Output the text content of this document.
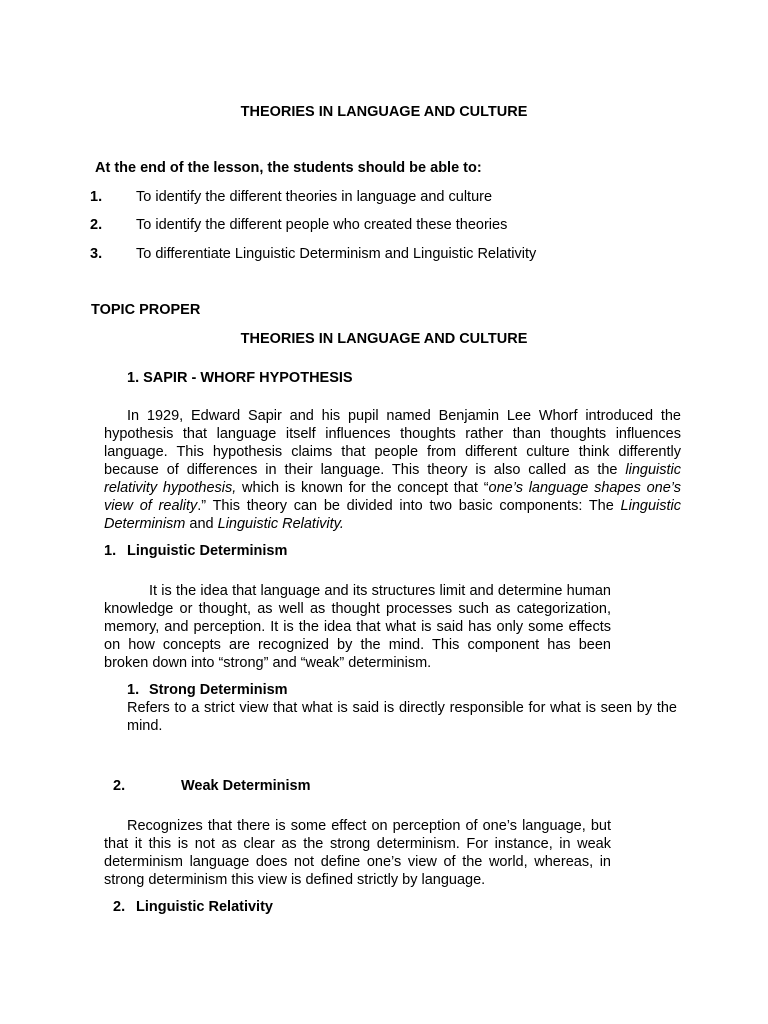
THEORIES IN LANGUAGE AND CULTURE
At the end of the lesson, the students should be able to:
1. To identify the different theories in language and culture
2. To identify the different people who created these theories
3. To differentiate Linguistic Determinism and Linguistic Relativity
TOPIC PROPER
THEORIES IN LANGUAGE AND CULTURE
1. SAPIR - WHORF HYPOTHESIS
In 1929, Edward Sapir and his pupil named Benjamin Lee Whorf introduced the hypothesis that language itself influences thoughts rather than thoughts influences language. This hypothesis claims that people from different culture think differently because of differences in their language. This theory is also called as the linguistic relativity hypothesis, which is known for the concept that “one’s language shapes one’s view of reality.” This theory can be divided into two basic components: The Linguistic Determinism and Linguistic Relativity.
1. Linguistic Determinism
It is the idea that language and its structures limit and determine human knowledge or thought, as well as thought processes such as categorization, memory, and perception. It is the idea that what is said has only some effects on how concepts are recognized by the mind. This component has been broken down into “strong” and “weak” determinism.
1. Strong Determinism
Refers to a strict view that what is said is directly responsible for what is seen by the mind.
2.	Weak Determinism
Recognizes that there is some effect on perception of one’s language, but that it this is not as clear as the strong determinism. For instance, in weak determinism language does not define one’s view of the world, whereas, in strong determinism this view is defined strictly by language.
2. Linguistic Relativity
